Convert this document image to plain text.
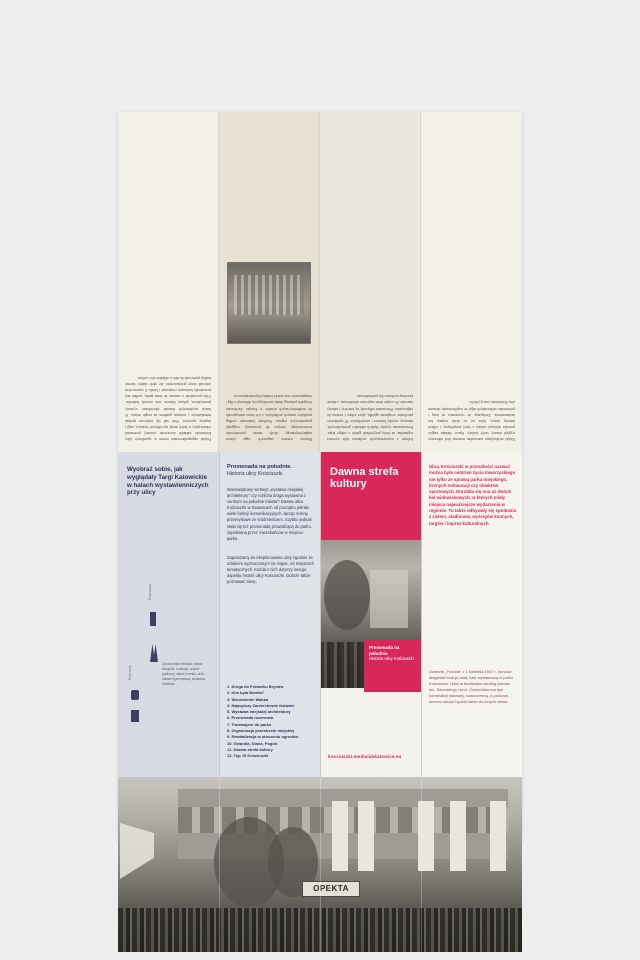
Projekt zagospodarowania terenu w sąsiedztwie ulicy Kościuszki zakładał utworzenie otwartej przestrzeni rekreacyjnej, w której miały się odbywać wystawy, targi i imprezy sportowe. Park stał się miejscem spotkań mieszkańców i ważnym punktem na mapie miasta. W latach trzydziestych tłumnie odwiedzano wystawy przemysłowe, pokazy lotnicze oraz zawody kolarskie. Ulica prowadziła z centrum do bram parku, wzdłuż niej powstawały kawiarnie, restauracje i kioski. Z czasem teren zmieniał swoje przeznaczenie, ale wiele śladów dawnej funkcji przetrwało do dziś w układzie ulic i zieleni.

Historia terenów targowych sięga okresu międzywojennego, kiedy miasto potrzebowało nowoczesnego miejsca do prezentacji osiągnięć gospodarczych regionu. Pawilony budowano według projektów znanych architektów, a ich forma nawiązywała do modernistycznych trendów w Europie. Zachowane fotografie pokazują tłumy zwiedzających, dekoracje z flag i transparentów oraz stoiska lokalnych przedsiębiorców.

Jednym z najważniejszych wydarzeń była wystawa regionalna, na którą przyjeżdżali goście z całego kraju. Prezentowano wyroby śląskich zakładów przemysłowych, maszyny, wyroby hutnicze i rzemieślnicze. W sąsiedztwie pawilonów urządzono ogródki, place zabaw i miejsca do odpoczynku. Wieczorami odbywały się koncerty i zabawy taneczne. Po wojnie teren częściowo zabudowano, a dawne pawilony rozebrano lub przebudowano.

Dzięki archiwalnym materiałom możemy dziś odtworzyć wygląd dawnej strefy kultury. Spacer śladami targów pozwala zobaczyć miasto z innej perspektywy i odkryć historię miejsc, które na co dzień mijamy bez zastanowienia. Zachęcamy do wyruszenia na trasę i porównania archiwalnych zdjęć ze współczesnym obrazem ulicy Kościuszki oraz jej okolic.

Wyobraź sobie, jak wyglądały Targi Katowickie w halach wystawienniczych przy ulicy
Partnerzy
Realizacja

Opracowanie tekstów, wybór fotografii, redakcja, projekt graficzny, skład, korekta, druk, nakład egzemplarzy, wydawca, Katowice

Promenada na południe.
Historia ulicy Kościuszki
Wielowątkowy serbwyt „wystawa miejskiej architektury” czy rozlicha droga wystawna z centrum na południe miasta? Dawna ulica Kościuszki w Katowicach od początku pełniła wiele funkcji komunikacyjnych, łącząc tereny przemysłowe ze śródmieściem. Szybko jednak stała się też promenadą prowadzącą do parku, zapełnianą przez mieszkańców w miejscu parku.
Zapraszamy do eksplorowania ulicy zgodnie ze szlakiem wyznaczonym na mapie, na miejscach tematycznych. Każda z nich dotyczy innego aspektu historii ulicy Kościuszki. Dobrze także poznawać trasę.
1. Droga do Folwarku Brynów
2. Kim była Bonita?
3. Wzniesienie Wańka
4. Najwyższy Zanierchowie Katowic
5. Wystawa miejskiej architektury
6. Promenada rowerowa
7. Tramwajem do parku
8. Organizacja przestrzeni miejskiej
9. Rewitalizacja w otoczeniu ogrodów
10. Gwardia, Diana, Pogoń
11. Dawna strefa kultury
12. Top 10 Kościuszki
Dawna strefa kultury
Promenada na południe.
Historia ulicy Kościuszki
kosciuszki.medialabkatowice.eu
Ulicą Kościuszki w przeszłości nazwać można było centrum życia towarzyskiego nie tylko ze sprawą parku miejskiego, licznych restauracji czy obiektów sportowych. Dorobiła się ona aż dwóch hal widowiskowych, w których miały miejsca najważniejsze wydarzenia w regionie. Tu także odbywały się spotkania z zieleni, stadionów, wyścigów konnych, targów i imprez kulturalnych.
Dziennik „Polonia” z 1 kwietnia 1937 r. donosił: Magistrat buduje stały hale wystawową w parku Kościuszki. Hala ta budowana według planów inż. Sikorskiego i prof. Ćwierniaka ma być konstrukcji stalowej, nowoczesną, a podczas sezonu służyć będzie także do innych celów.
OPEKTA
